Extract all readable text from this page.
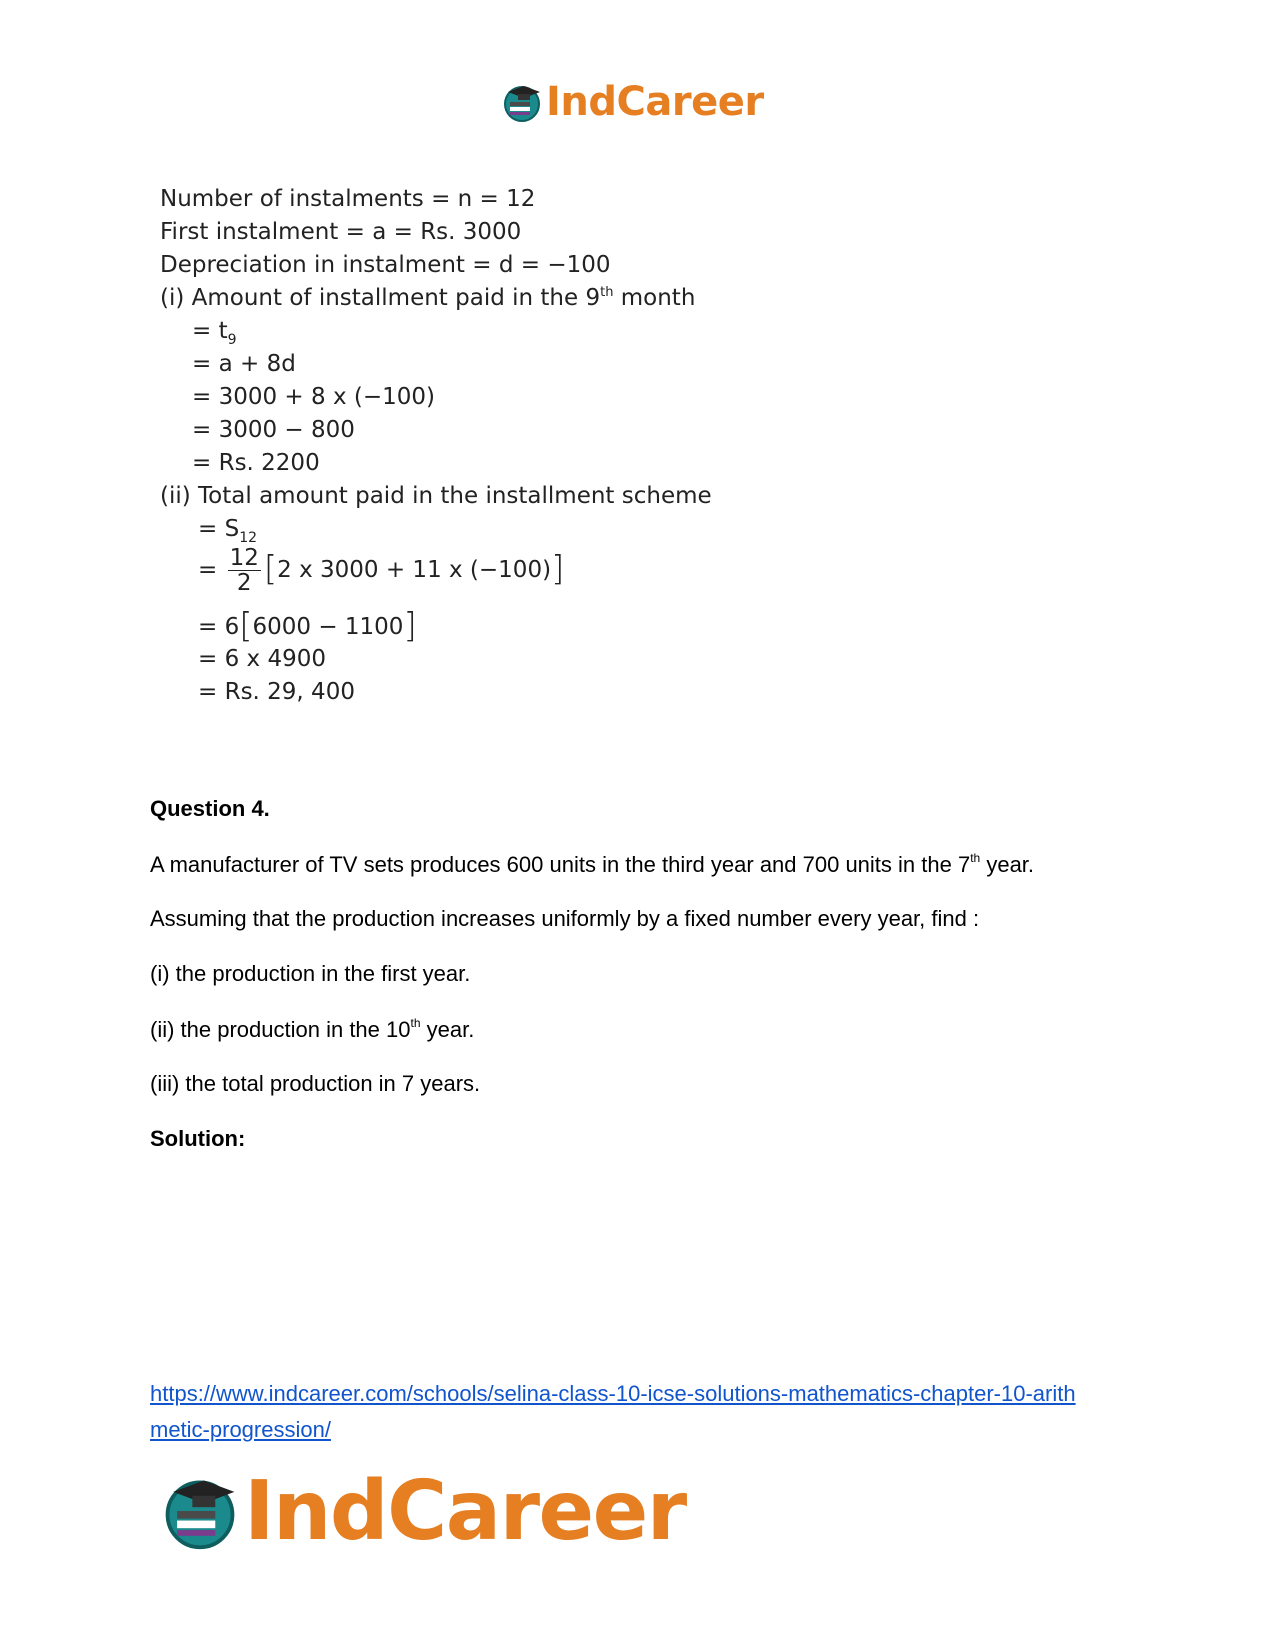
IndCareer
Number of instalments = n = 12
First instalment = a = Rs. 3000
Depreciation in instalment = d = −100
(i) Amount of installment paid in the 9th month
= $t_9$
= a + 8d
= 3000 + 8 x (−100)
= 3000 − 800
= Rs. 2200
(ii) Total amount paid in the installment scheme
= $S_{12}$
= $\frac{12}{2} [2$ x 3000 + 11 x (−100)]
= 6[6000 − 1100]
= 6 x 4900
= Rs. 29, 400
Question 4.
A manufacturer of TV sets produces 600 units in the third year and 700 units in the 7th year.
Assuming that the production increases uniformly by a fixed number every year, find :
(i) the production in the first year.
(ii) the production in the 10th year.
(iii) the total production in 7 years.
Solution:
https://www.indcareer.com/schools/selina-class-10-icse-solutions-mathematics-chapter-10-arith
metic-progression/
IndCareer
